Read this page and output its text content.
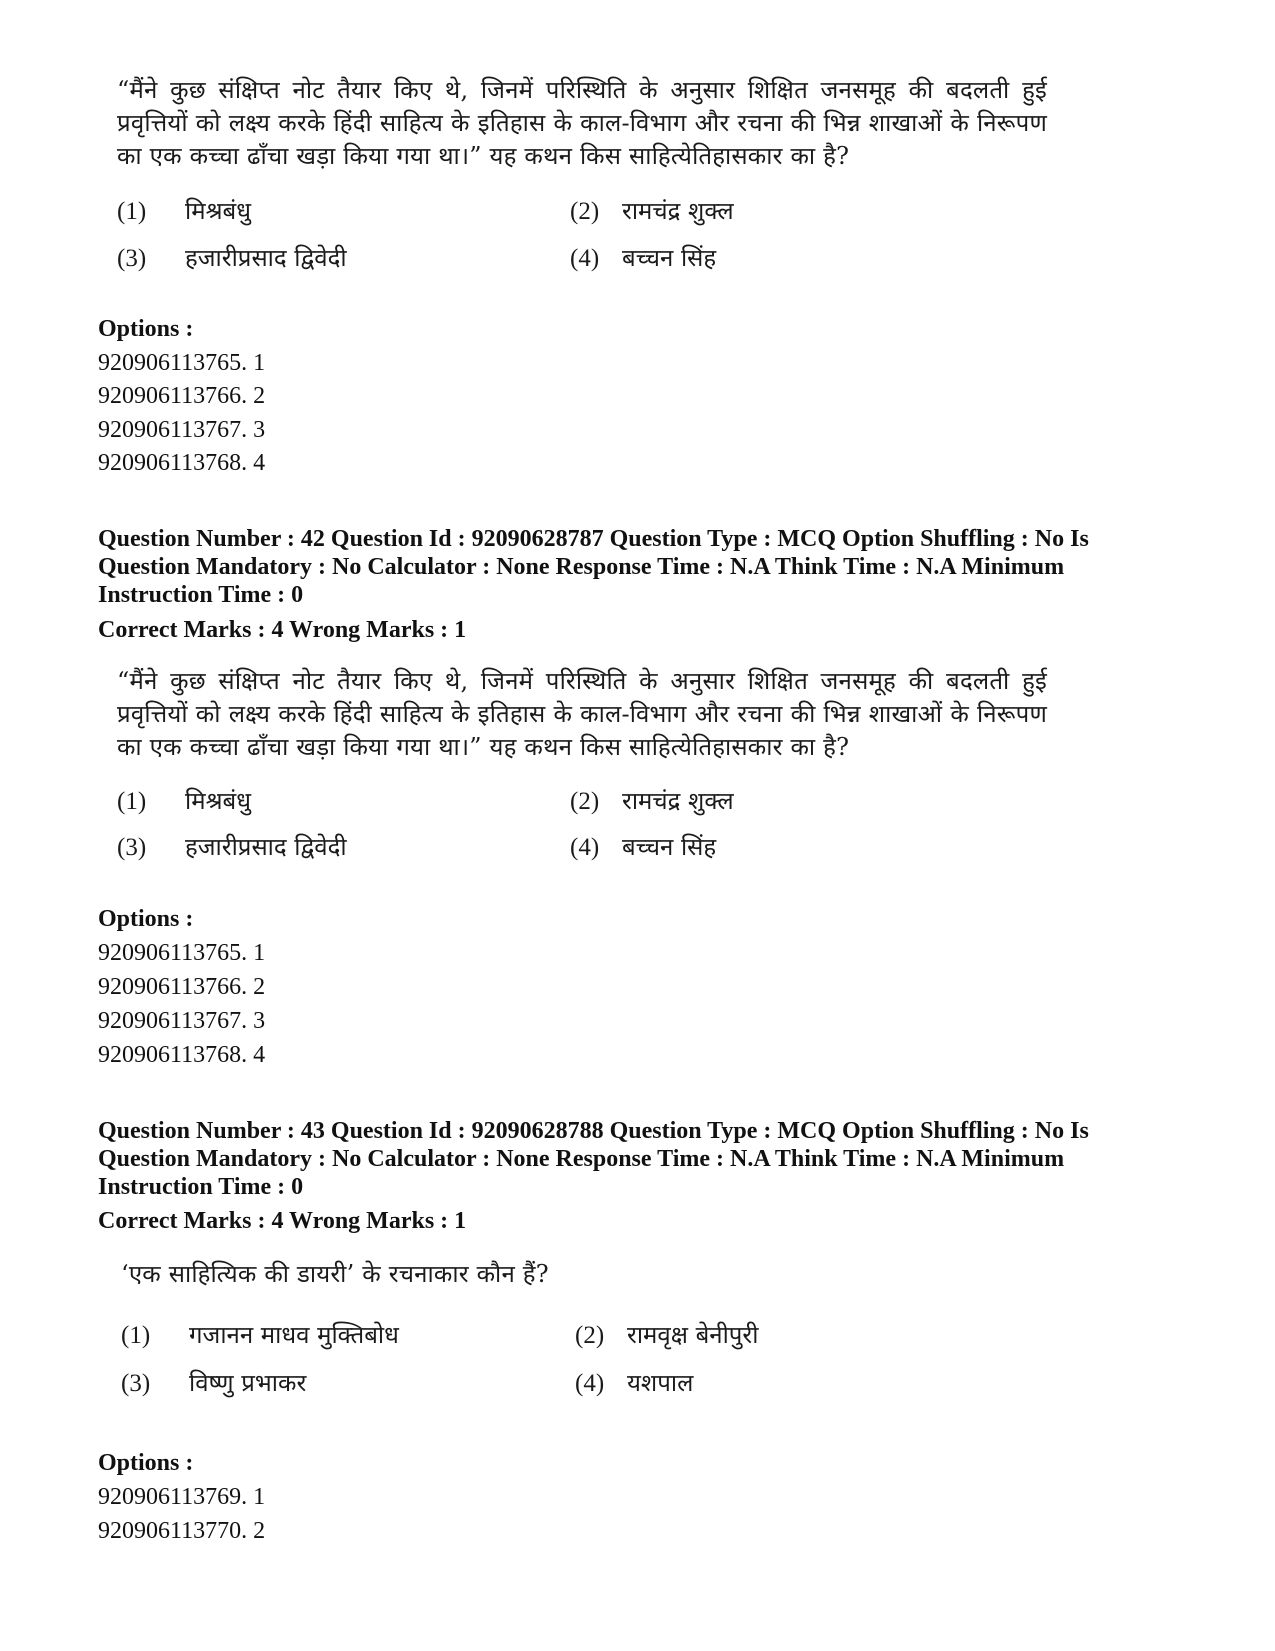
“मैंने कुछ संक्षिप्त नोट तैयार किए थे, जिनमें परिस्थिति के अनुसार शिक्षित जनसमूह की बदलती हुई प्रवृत्तियों को लक्ष्य करके हिंदी साहित्य के इतिहास के काल-विभाग और रचना की भिन्न शाखाओं के निरूपण का एक कच्चा ढाँचा खड़ा किया गया था।” यह कथन किस साहित्येतिहासकार का है?
(1) मिश्रबंधु	(2) रामचंद्र शुक्ल
(3) हजारीप्रसाद द्विवेदी	(4) बच्चन सिंह
Options :
920906113765. 1
920906113766. 2
920906113767. 3
920906113768. 4
Question Number : 42 Question Id : 92090628787 Question Type : MCQ Option Shuffling : No Is Question Mandatory : No Calculator : None Response Time : N.A Think Time : N.A Minimum Instruction Time : 0
Correct Marks : 4 Wrong Marks : 1
“मैंने कुछ संक्षिप्त नोट तैयार किए थे, जिनमें परिस्थिति के अनुसार शिक्षित जनसमूह की बदलती हुई प्रवृत्तियों को लक्ष्य करके हिंदी साहित्य के इतिहास के काल-विभाग और रचना की भिन्न शाखाओं के निरूपण का एक कच्चा ढाँचा खड़ा किया गया था।” यह कथन किस साहित्येतिहासकार का है?
(1) मिश्रबंधु	(2) रामचंद्र शुक्ल
(3) हजारीप्रसाद द्विवेदी	(4) बच्चन सिंह
Options :
920906113765. 1
920906113766. 2
920906113767. 3
920906113768. 4
Question Number : 43 Question Id : 92090628788 Question Type : MCQ Option Shuffling : No Is Question Mandatory : No Calculator : None Response Time : N.A Think Time : N.A Minimum Instruction Time : 0
Correct Marks : 4 Wrong Marks : 1
‘एक साहित्यिक की डायरी’ के रचनाकार कौन हैं?
(1) गजानन माधव मुक्तिबोध	(2) रामवृक्ष बेनीपुरी
(3) विष्णु प्रभाकर	(4) यशपाल
Options :
920906113769. 1
920906113770. 2
